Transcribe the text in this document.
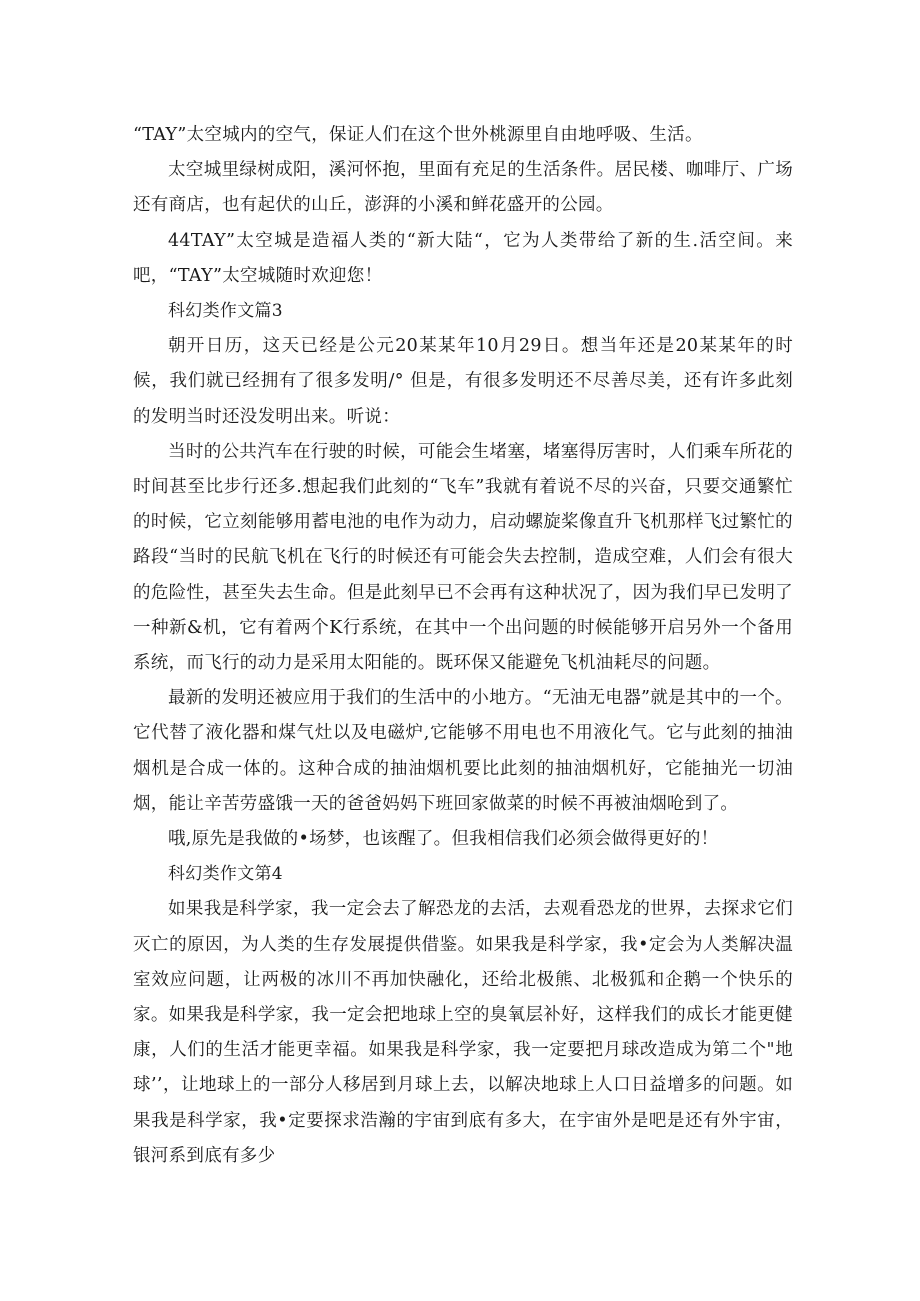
“TAY”太空城内的空气，保证人们在这个世外桃源里自由地呼吸、生活。

太空城里绿树成阳，溪河怀抱，里面有充足的生活条件。居民楼、咖啡厅、广场还有商店，也有起伏的山丘，澎湃的小溪和鲜花盛开的公园。

44TAY”太空城是造福人类的“新大陆“，它为人类带给了新的生.活空间。来吧，“TAY”太空城随时欢迎您！

科幻类作文篇3

朝开日历，这天已经是公元20某某年10月29日。想当年还是20某某年的时候，我们就已经拥有了很多发明/° 但是，有很多发明还不尽善尽美，还有许多此刻的发明当时还没发明出来。听说：

当时的公共汽车在行驶的时候，可能会生堵塞，堵塞得厉害时，人们乘车所花的时间甚至比步行还多.想起我们此刻的“飞车”我就有着说不尽的兴奋，只要交通繁忙的时候，它立刻能够用蓄电池的电作为动力，启动螺旋桨像直升飞机那样飞过繁忙的路段“当时的民航飞机在飞行的时候还有可能会失去控制，造成空难，人们会有很大的危险性，甚至失去生命。但是此刻早已不会再有这种状况了，因为我们早已发明了一种新&机，它有着两个K行系统，在其中一个出问题的时候能够开启另外一个备用系统，而飞行的动力是采用太阳能的。既环保又能避免飞机油耗尽的问题。

最新的发明还被应用于我们的生活中的小地方。“无油无电器”就是其中的一个。它代替了液化器和煤气灶以及电磁炉,它能够不用电也不用液化气。它与此刻的抽油烟机是合成一体的。这种合成的抽油烟机要比此刻的抽油烟机好，它能抽光一切油烟，能让辛苦劳盛饿一天的爸爸妈妈下班回家做菜的时候不再被油烟呛到了。

哦,原先是我做的•场梦，也该醒了。但我相信我们必须会做得更好的！

科幻类作文第4

如果我是科学家，我一定会去了解恐龙的去活，去观看恐龙的世界，去探求它们灭亡的原因，为人类的生存发展提供借鉴。如果我是科学家，我•定会为人类解决温室效应问题，让两极的冰川不再加快融化，还给北极熊、北极狐和企鹅一个快乐的家。如果我是科学家，我一定会把地球上空的臭氧层补好，这样我们的成长才能更健康，人们的生活才能更幸福。如果我是科学家，我一定要把月球改造成为第二个"地球’’，让地球上的一部分人移居到月球上去，以解决地球上人口日益增多的问题。如果我是科学家，我•定要探求浩瀚的宇宙到底有多大，在宇宙外是吧是还有外宇宙，银河系到底有多少
